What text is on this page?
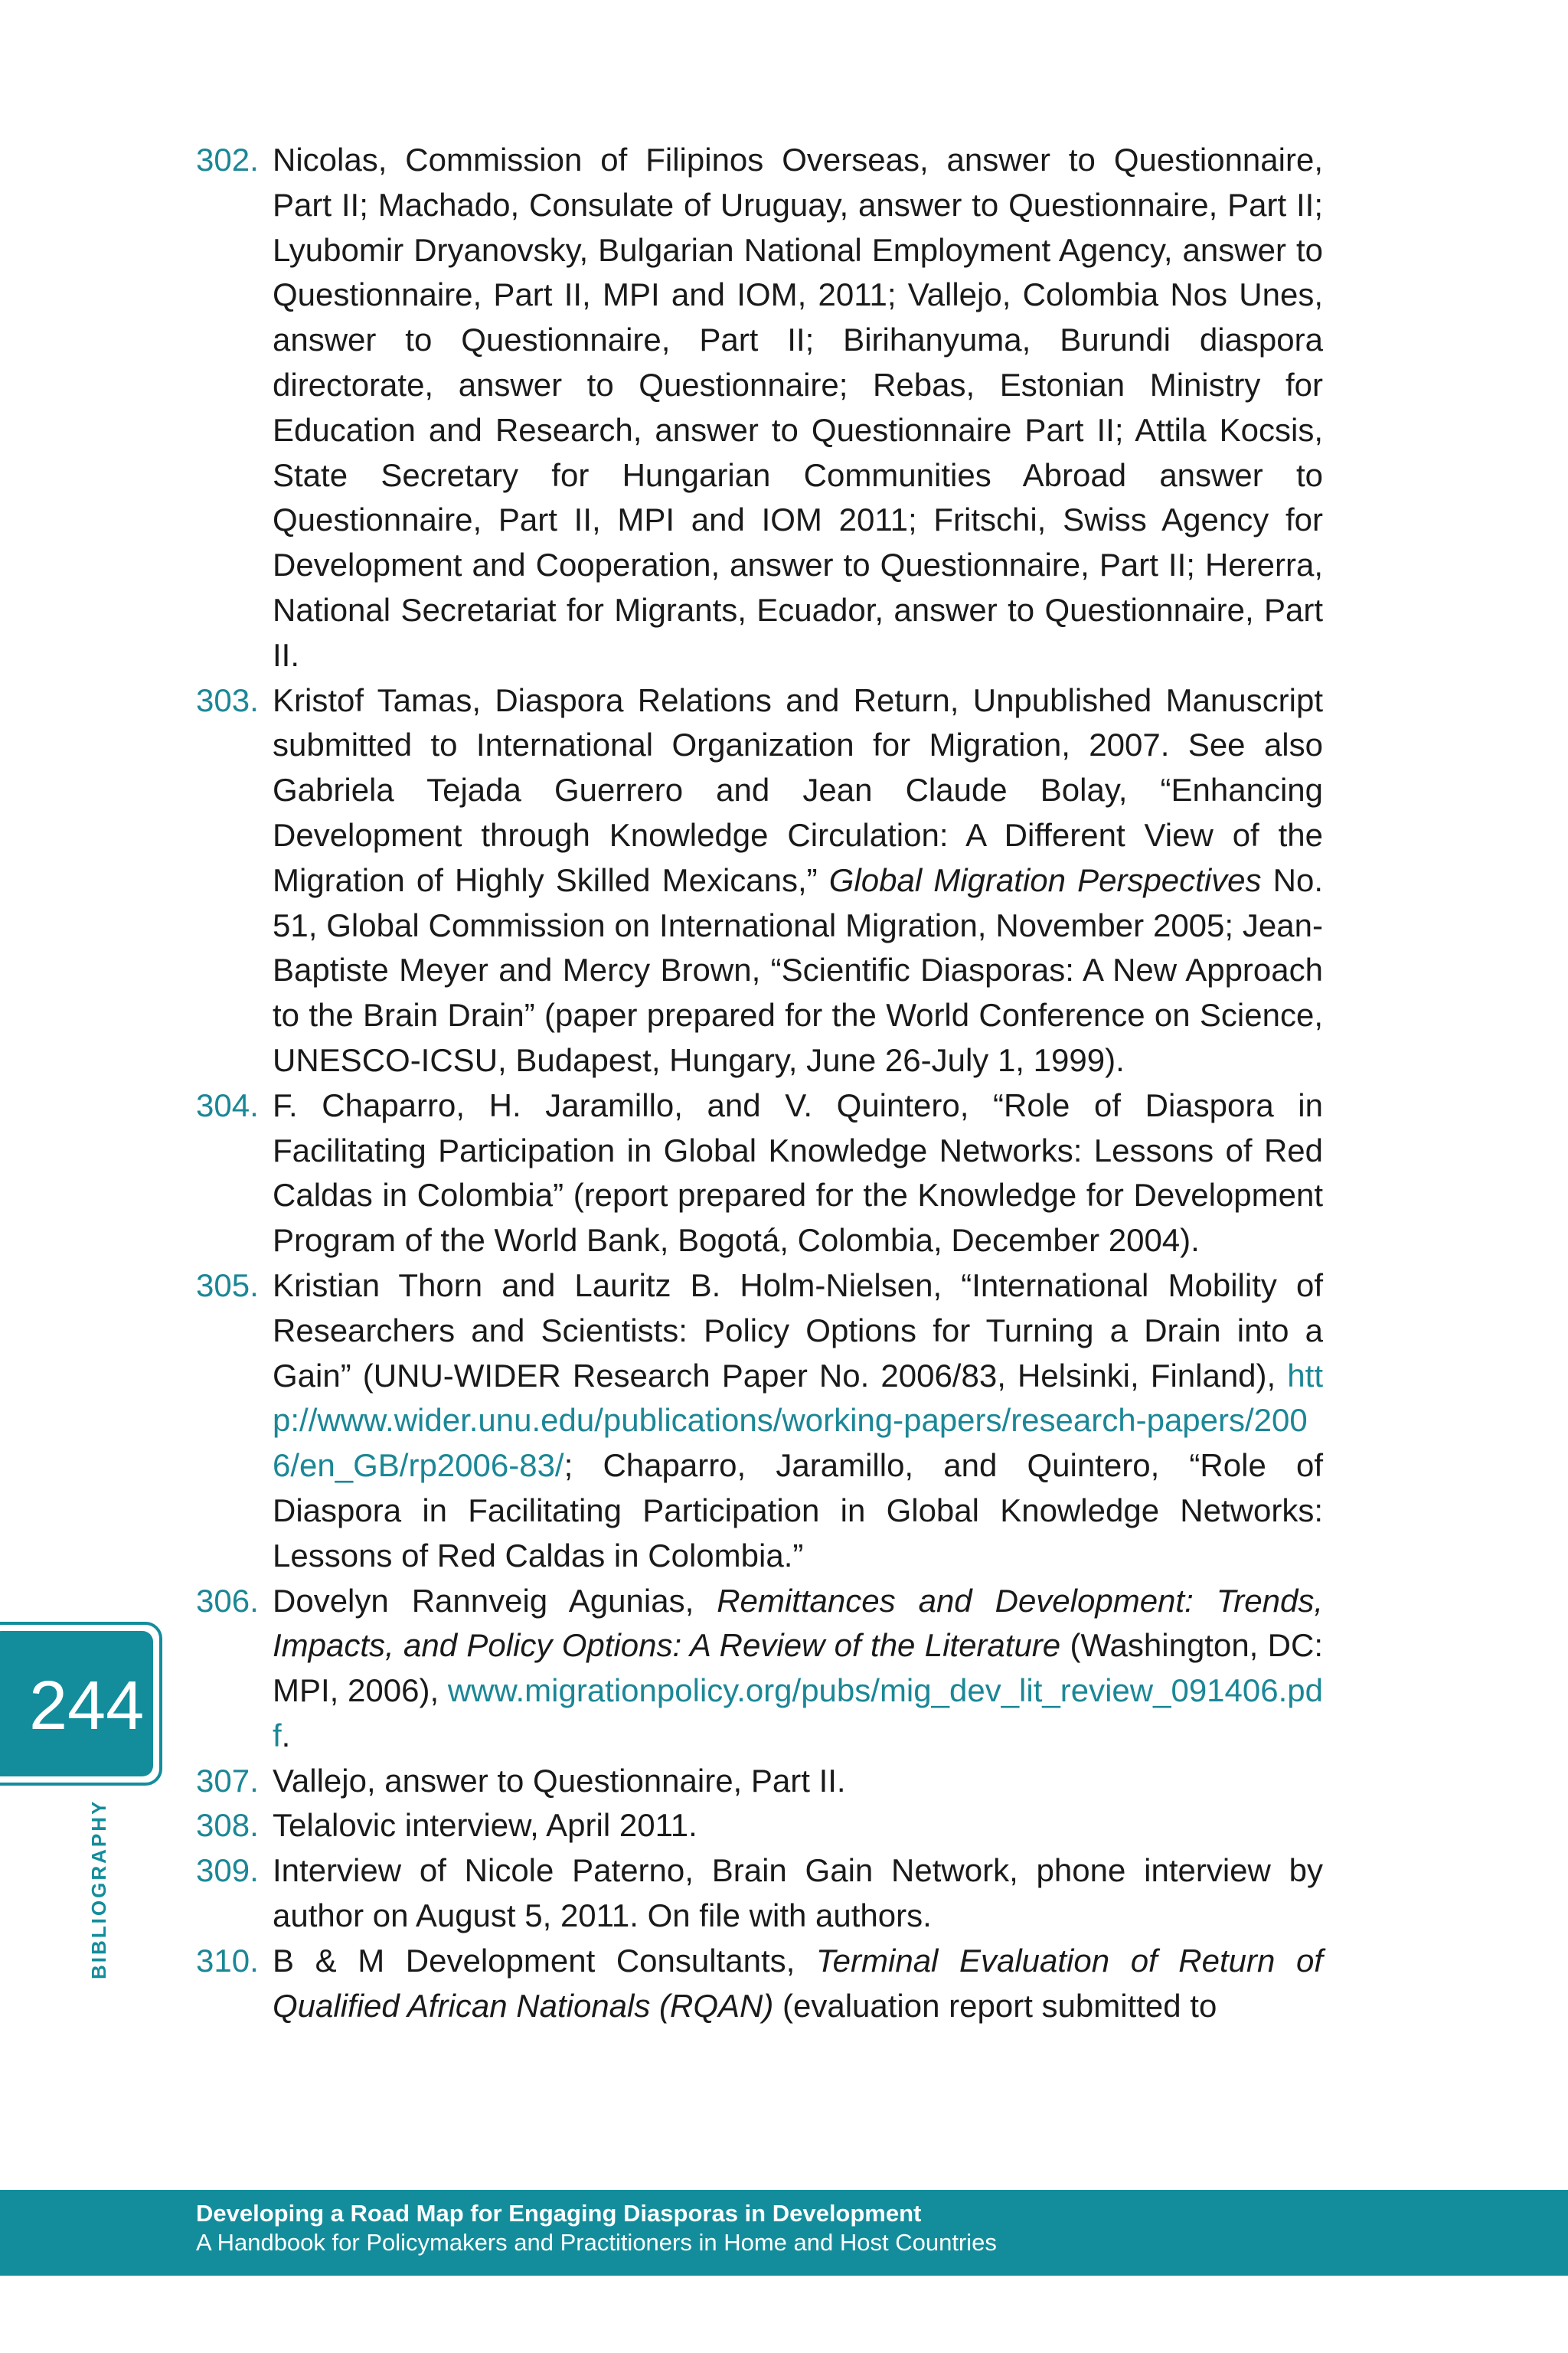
302. Nicolas, Commission of Filipinos Overseas, answer to Questionnaire, Part II; Machado, Consulate of Uruguay, answer to Questionnaire, Part II; Lyubomir Dryanovsky, Bulgarian National Employment Agency, answer to Questionnaire, Part II, MPI and IOM, 2011; Vallejo, Colombia Nos Unes, answer to Questionnaire, Part II; Birihanyuma, Burundi diaspora directorate, answer to Questionnaire; Rebas, Estonian Ministry for Education and Research, answer to Questionnaire Part II; Attila Kocsis, State Secretary for Hungarian Communities Abroad answer to Questionnaire, Part II, MPI and IOM 2011; Fritschi, Swiss Agency for Development and Cooperation, answer to Questionnaire, Part II; Hererra, National Secretariat for Migrants, Ecuador, answer to Questionnaire, Part II.
303. Kristof Tamas, Diaspora Relations and Return, Unpublished Manuscript submitted to International Organization for Migration, 2007. See also Gabriela Tejada Guerrero and Jean Claude Bolay, “Enhancing Development through Knowledge Circulation: A Different View of the Migration of Highly Skilled Mexicans,” Global Migration Perspectives No. 51, Global Commission on International Migration, November 2005; Jean-Baptiste Meyer and Mercy Brown, “Scientific Diasporas: A New Approach to the Brain Drain” (paper prepared for the World Conference on Science, UNESCO-ICSU, Budapest, Hungary, June 26-July 1, 1999).
304. F. Chaparro, H. Jaramillo, and V. Quintero, “Role of Diaspora in Facilitating Participation in Global Knowledge Networks: Lessons of Red Caldas in Colombia” (report prepared for the Knowledge for Development Program of the World Bank, Bogotá, Colombia, December 2004).
305. Kristian Thorn and Lauritz B. Holm-Nielsen, “International Mobility of Researchers and Scientists: Policy Options for Turning a Drain into a Gain” (UNU-WIDER Research Paper No. 2006/83, Helsinki, Finland), http://www.wider.unu.edu/publications/working-papers/research-papers/2006/en_GB/rp2006-83/; Chaparro, Jaramillo, and Quintero, “Role of Diaspora in Facilitating Participation in Global Knowledge Networks: Lessons of Red Caldas in Colombia.”
306. Dovelyn Rannveig Agunias, Remittances and Development: Trends, Impacts, and Policy Options: A Review of the Literature (Washington, DC: MPI, 2006), www.migrationpolicy.org/pubs/mig_dev_lit_review_091406.pdf.
307. Vallejo, answer to Questionnaire, Part II.
308. Telalovic interview, April 2011.
309. Interview of Nicole Paterno, Brain Gain Network, phone interview by author on August 5, 2011. On file with authors.
310. B & M Development Consultants, Terminal Evaluation of Return of Qualified African Nationals (RQAN) (evaluation report submitted to
244
BIBLIOGRAPHY
Developing a Road Map for Engaging Diasporas in Development
A Handbook for Policymakers and Practitioners in Home and Host Countries
